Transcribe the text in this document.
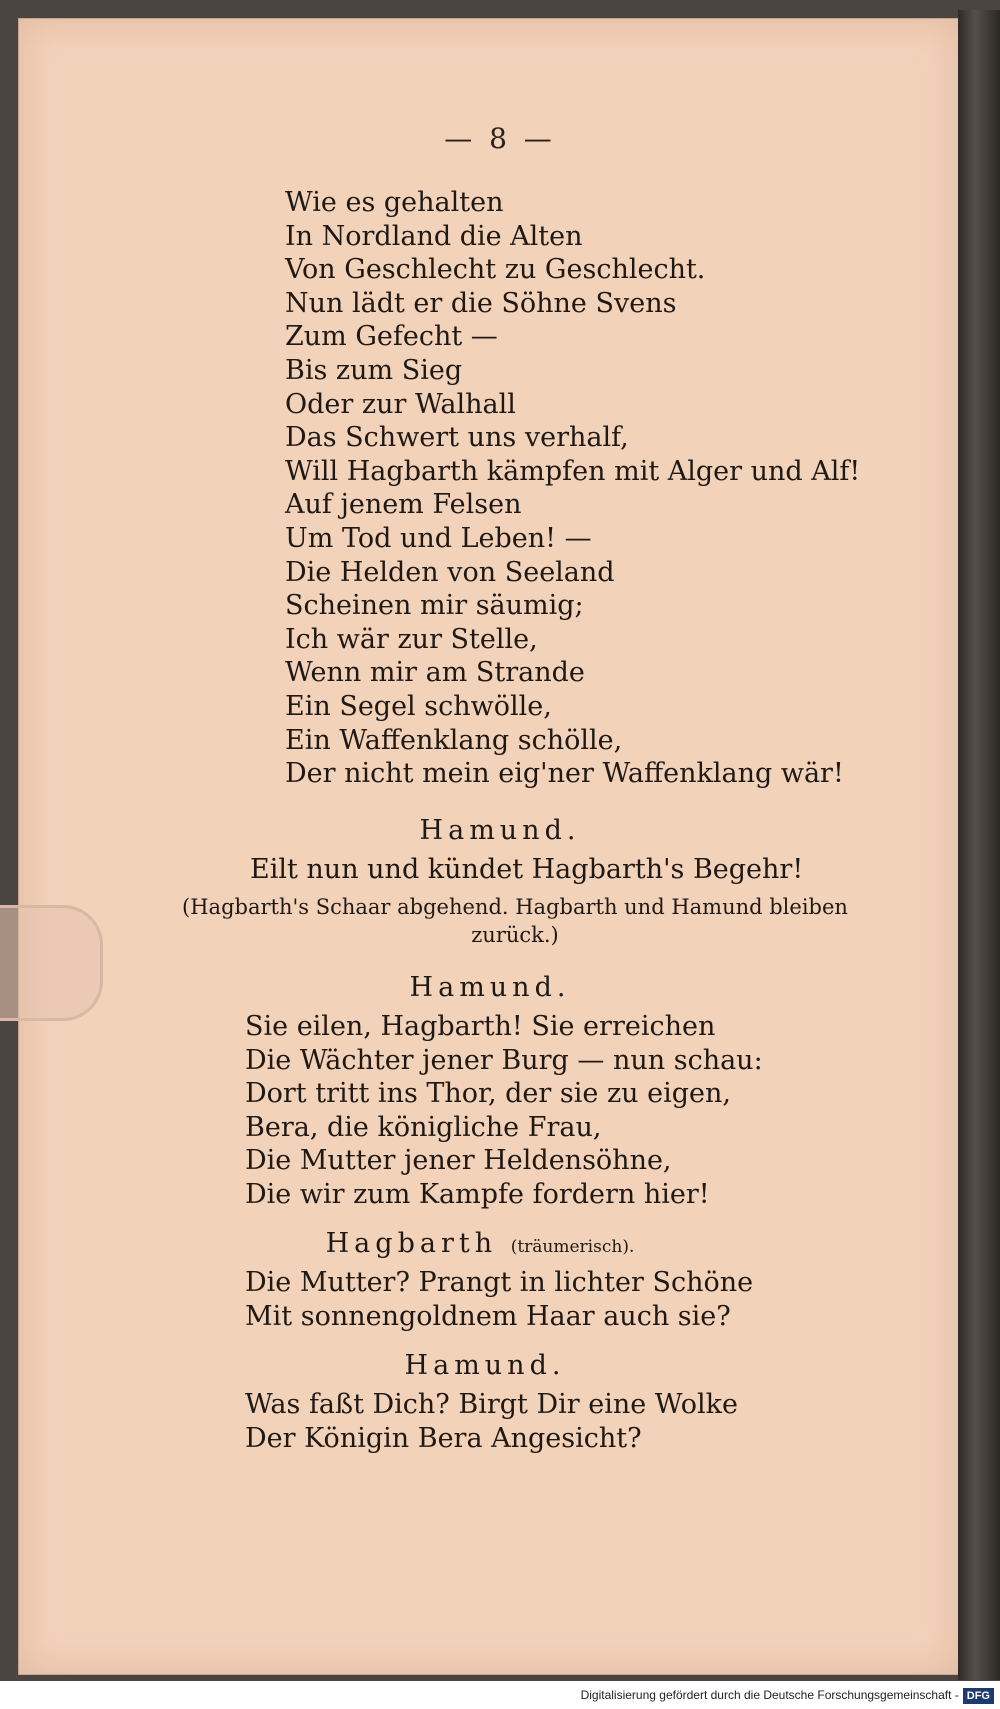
— 8 —
Wie es gehalten
In Nordland die Alten
Von Geschlecht zu Geschlecht.
Nun lädt er die Söhne Svens
Zum Gefecht —
Bis zum Sieg
Oder zur Walhall
Das Schwert uns verhalf,
Will Hagbarth kämpfen mit Alger und Alf!
Auf jenem Felsen
Um Tod und Leben! —
Die Helden von Seeland
Scheinen mir säumig;
Ich wär zur Stelle,
Wenn mir am Strande
Ein Segel schwölle,
Ein Waffenklang schölle,
Der nicht mein eig'ner Waffenklang wär!
Hamund.
Eilt nun und kündet Hagbarth's Begehr!
(Hagbarth's Schaar abgehend. Hagbarth und Hamund bleiben zurück.)
Hamund.
Sie eilen, Hagbarth! Sie erreichen
Die Wächter jener Burg — nun schau:
Dort tritt ins Thor, der sie zu eigen,
Bera, die königliche Frau,
Die Mutter jener Heldensöhne,
Die wir zum Kampfe fordern hier!
Hagbarth (träumerisch).
Die Mutter? Prangt in lichter Schöne
Mit sonnengoldnem Haar auch sie?
Hamund.
Was faßt Dich? Birgt Dir eine Wolke
Der Königin Bera Angesicht?
Digitalisierung gefördert durch die Deutsche Forschungsgemeinschaft - DFG
